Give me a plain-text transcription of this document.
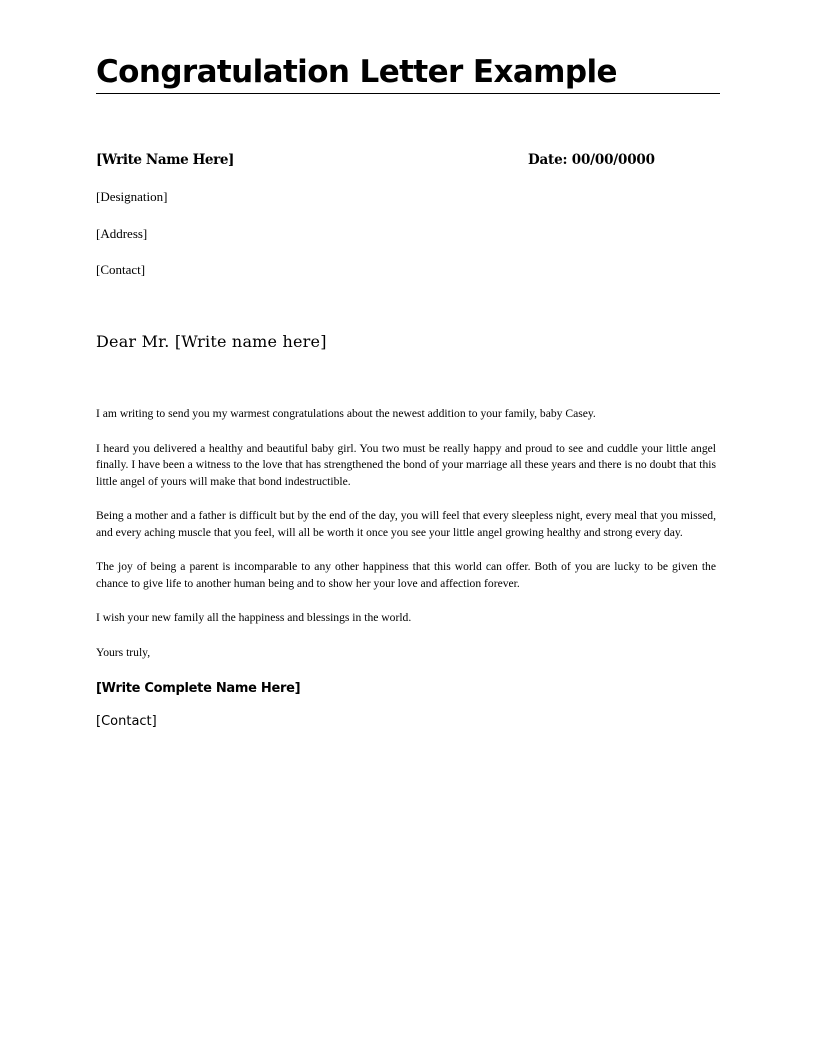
Congratulation Letter Example
[Write Name Here]	Date: 00/00/0000
[Designation]
[Address]
[Contact]
Dear Mr. [Write name here]

I am writing to send you my warmest congratulations about the newest addition to your family, baby Casey.

I heard you delivered a healthy and beautiful baby girl. You two must be really happy and proud to see and cuddle your little angel finally. I have been a witness to the love that has strengthened the bond of your marriage all these years and there is no doubt that this little angel of yours will make that bond indestructible.

Being a mother and a father is difficult but by the end of the day, you will feel that every sleepless night, every meal that you missed, and every aching muscle that you feel, will all be worth it once you see your little angel growing healthy and strong every day.

The joy of being a parent is incomparable to any other happiness that this world can offer. Both of you are lucky to be given the chance to give life to another human being and to show her your love and affection forever.

I wish your new family all the happiness and blessings in the world.

Yours truly,

[Write Complete Name Here]
[Contact]
